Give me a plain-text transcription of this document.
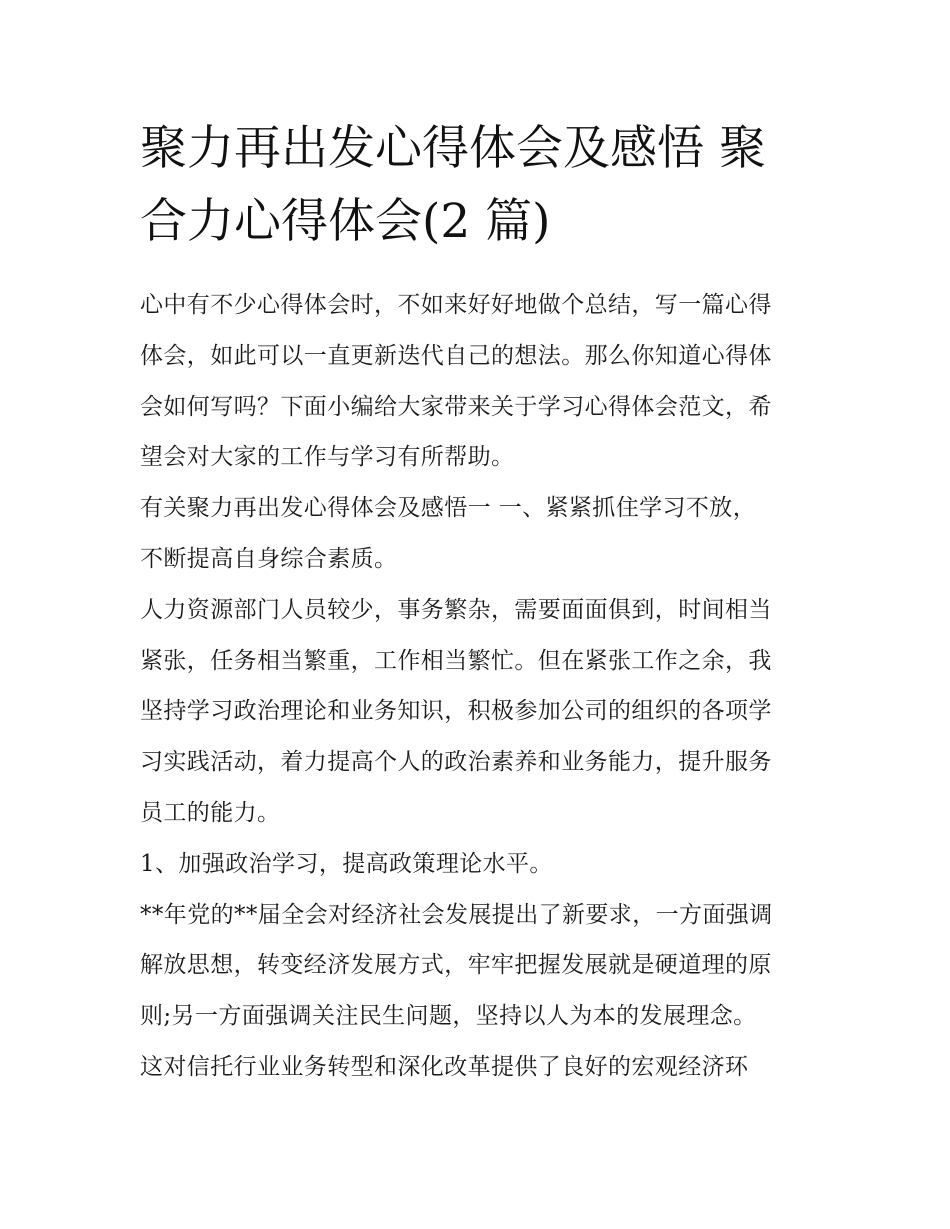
聚力再出发心得体会及感悟 聚
合力心得体会(2 篇)
心中有不少心得体会时，不如来好好地做个总结，写一篇心得
体会，如此可以一直更新迭代自己的想法。那么你知道心得体
会如何写吗？下面小编给大家带来关于学习心得体会范文，希
望会对大家的工作与学习有所帮助。
有关聚力再出发心得体会及感悟一 一、紧紧抓住学习不放，
不断提高自身综合素质。
人力资源部门人员较少，事务繁杂，需要面面俱到，时间相当
紧张，任务相当繁重，工作相当繁忙。但在紧张工作之余，我
坚持学习政治理论和业务知识，积极参加公司的组织的各项学
习实践活动，着力提高个人的政治素养和业务能力，提升服务
员工的能力。
1、加强政治学习，提高政策理论水平。
**年党的**届全会对经济社会发展提出了新要求，一方面强调
解放思想，转变经济发展方式，牢牢把握发展就是硬道理的原
则;另一方面强调关注民生问题，坚持以人为本的发展理念。
这对信托行业业务转型和深化改革提供了良好的宏观经济环
